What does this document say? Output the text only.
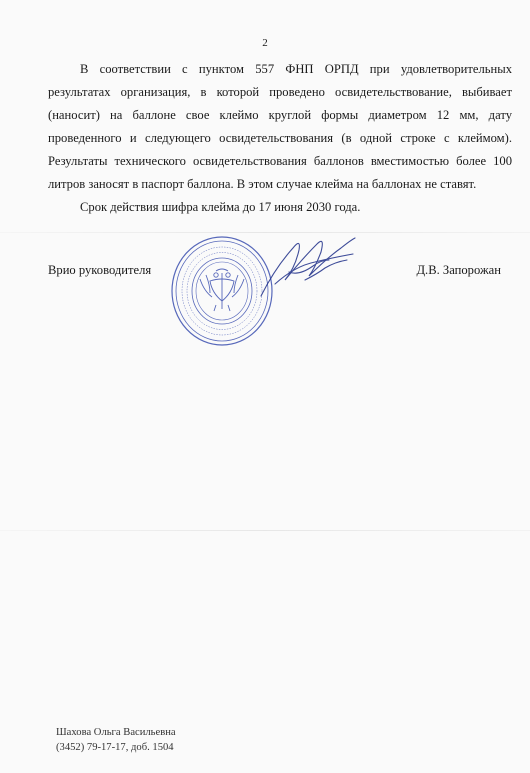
2

В соответствии с пунктом 557 ФНП ОРПД при удовлетворительных результатах организация, в которой проведено освидетельствование, выбивает (наносит) на баллоне свое клеймо круглой формы диаметром 12 мм, дату проведенного и следующего освидетельствования (в одной строке с клеймом). Результаты технического освидетельствования баллонов вместимостью более 100 литров заносят в паспорт баллона. В этом случае клейма на баллонах не ставят.

Срок действия шифра клейма до 17 июня 2030 года.

Врио руководителя	Д.В. Запорожан
Шахова Ольга Васильевна
(3452) 79-17-17, доб. 1504
